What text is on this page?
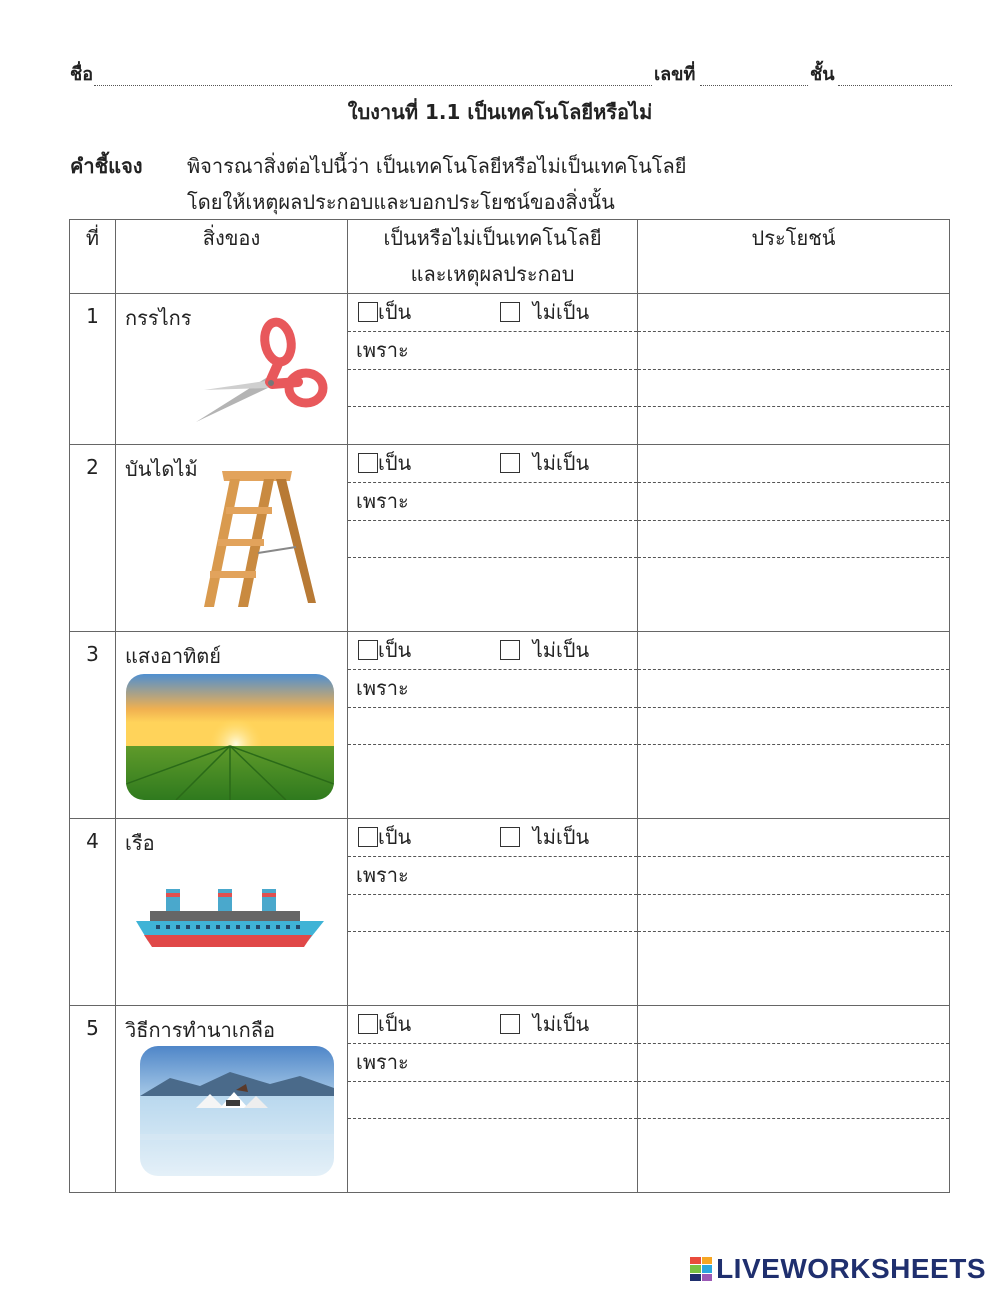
ชื่อ	เลขที่	ชั้น
ใบงานที่ 1.1 เป็นเทคโนโลยีหรือไม่
คำชี้แจง พิจารณาสิ่งต่อไปนี้ว่า เป็นเทคโนโลยีหรือไม่เป็นเทคโนโลยี
โดยให้เหตุผลประกอบและบอกประโยชน์ของสิ่งนั้น
ที่	สิ่งของ	เป็นหรือไม่เป็นเทคโนโลยี
และเหตุผลประกอบ	ประโยชน์

1	กรรไกร	เป็น ไม่เป็น
เพราะ	

2	บันไดไม้	เป็น ไม่เป็น
เพราะ	

3	แสงอาทิตย์	เป็น ไม่เป็น
เพราะ	

4	เรือ	เป็น ไม่เป็น
เพราะ	

5	วิธีการทำนาเกลือ	เป็น ไม่เป็น
เพราะ	

LIVEWORKSHEETS
